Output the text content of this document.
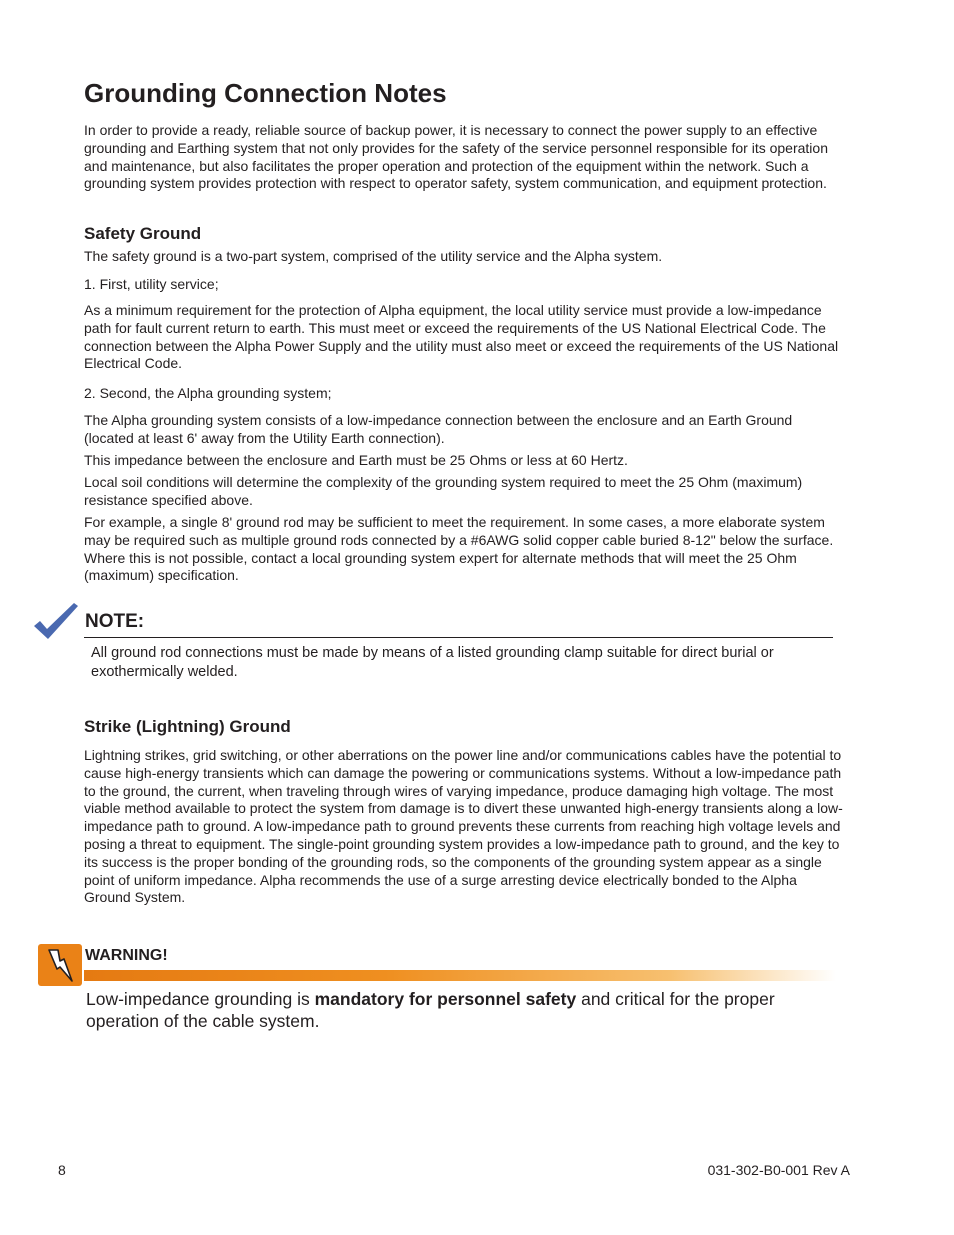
Grounding Connection Notes

In order to provide a ready, reliable source of backup power, it is necessary to connect the power supply to an effective grounding and Earthing system that not only provides for the safety of the service personnel responsible for its operation and maintenance, but also facilitates the proper operation and protection of the equipment within the network. Such a grounding system provides protection with respect to operator safety, system communication, and equipment protection.

Safety Ground

The safety ground is a two-part system, comprised of the utility service and the Alpha system.

1. First, utility service;

As a minimum requirement for the protection of Alpha equipment, the local utility service must provide a low-impedance path for fault current return to earth. This must meet or exceed the requirements of the US National Electrical Code. The connection between the Alpha Power Supply and the utility must also meet or exceed the requirements of the US National Electrical Code.

2. Second, the Alpha grounding system;

The Alpha grounding system consists of a low-impedance connection between the enclosure and an Earth Ground (located at least 6' away from the Utility Earth connection).

This impedance between the enclosure and Earth must be 25 Ohms or less at 60 Hertz.

Local soil conditions will determine the complexity of the grounding system required to meet the 25 Ohm (maximum) resistance specified above.

For example, a single 8' ground rod may be sufficient to meet the requirement. In some cases, a more elaborate system may be required such as multiple ground rods connected by a #6AWG solid copper cable buried 8-12" below the surface. Where this is not possible, contact a local grounding system expert for alternate methods that will meet the 25 Ohm (maximum) specification.

NOTE:

All ground rod connections must be made by means of a listed grounding clamp suitable for direct burial or exothermically welded.

Strike (Lightning) Ground

Lightning strikes, grid switching, or other aberrations on the power line and/or communications cables have the potential to cause high-energy transients which can damage the powering or communications systems. Without a low-impedance path to the ground, the current, when traveling through wires of varying impedance, produce damaging high voltage. The most viable method available to protect the system from damage is to divert these unwanted high-energy transients along a low-impedance path to ground. A low-impedance path to ground prevents these currents from reaching high voltage levels and posing a threat to equipment. The single-point grounding system provides a low-impedance path to ground, and the key to its success is the proper bonding of the grounding rods, so the components of the grounding system appear as a single point of uniform impedance. Alpha recommends the use of a surge arresting device electrically bonded to the Alpha Ground System.

WARNING!

Low-impedance grounding is mandatory for personnel safety and critical for the proper operation of the cable system.

8	031-302-B0-001 Rev A
